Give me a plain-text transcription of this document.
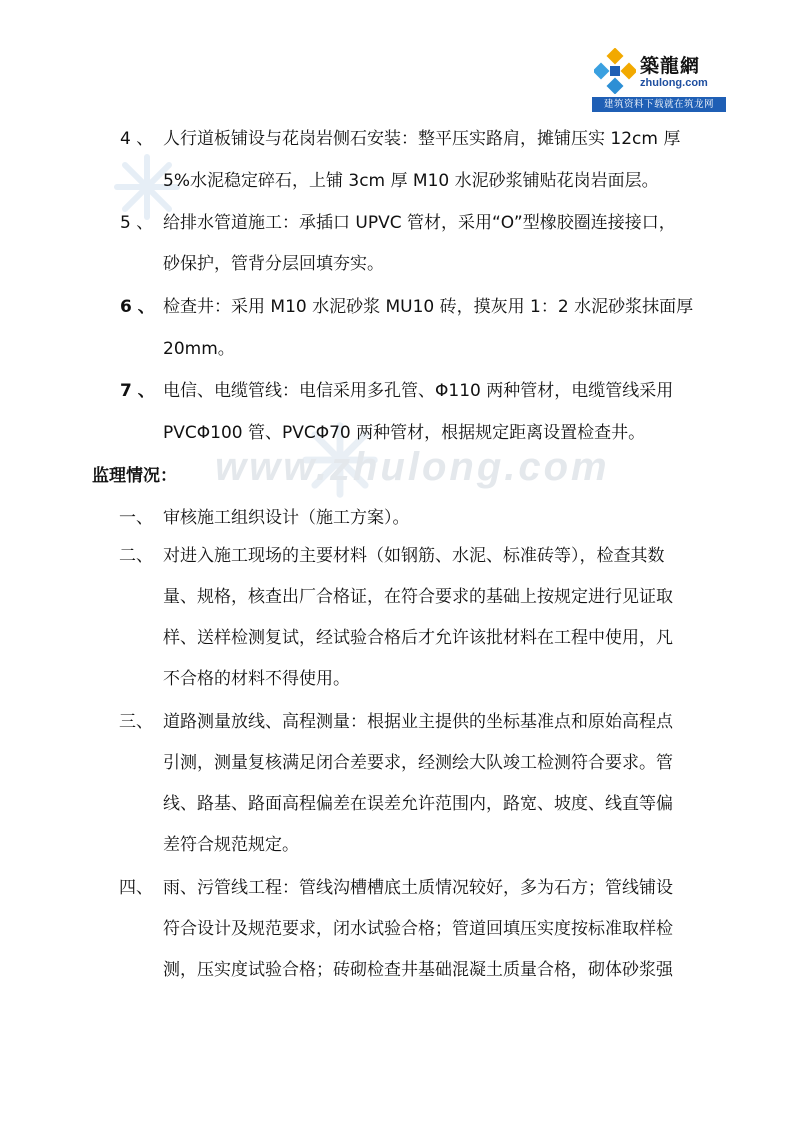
www.zhulong.com
築龍網
zhulong.com
建筑资料下载就在筑龙网
4 、 人行道板铺设与花岗岩侧石安装：整平压实路肩，摊铺压实 12cm 厚
5%水泥稳定碎石，上铺 3cm 厚 M10 水泥砂浆铺贴花岗岩面层。
5 、 给排水管道施工：承插口 UPVC 管材，采用“O”型橡胶圈连接接口，
砂保护，管背分层回填夯实。
6 、 检查井：采用 M10 水泥砂浆 MU10 砖，摸灰用 1：2 水泥砂浆抹面厚
20mm。
7 、 电信、电缆管线：电信采用多孔管、Φ110 两种管材，电缆管线采用
PVCΦ100 管、PVCΦ70 两种管材，根据规定距离设置检查井。
监理情况：
一、 审核施工组织设计（施工方案）。
二、 对进入施工现场的主要材料（如钢筋、水泥、标准砖等），检查其数
量、规格，核查出厂合格证，在符合要求的基础上按规定进行见证取
样、送样检测复试，经试验合格后才允许该批材料在工程中使用，凡
不合格的材料不得使用。
三、 道路测量放线、高程测量：根据业主提供的坐标基准点和原始高程点
引测，测量复核满足闭合差要求，经测绘大队竣工检测符合要求。管
线、路基、路面高程偏差在误差允许范围内，路宽、坡度、线直等偏
差符合规范规定。
四、 雨、污管线工程：管线沟槽槽底土质情况较好，多为石方；管线铺设
符合设计及规范要求，闭水试验合格；管道回填压实度按标准取样检
测，压实度试验合格；砖砌检查井基础混凝土质量合格，砌体砂浆强
